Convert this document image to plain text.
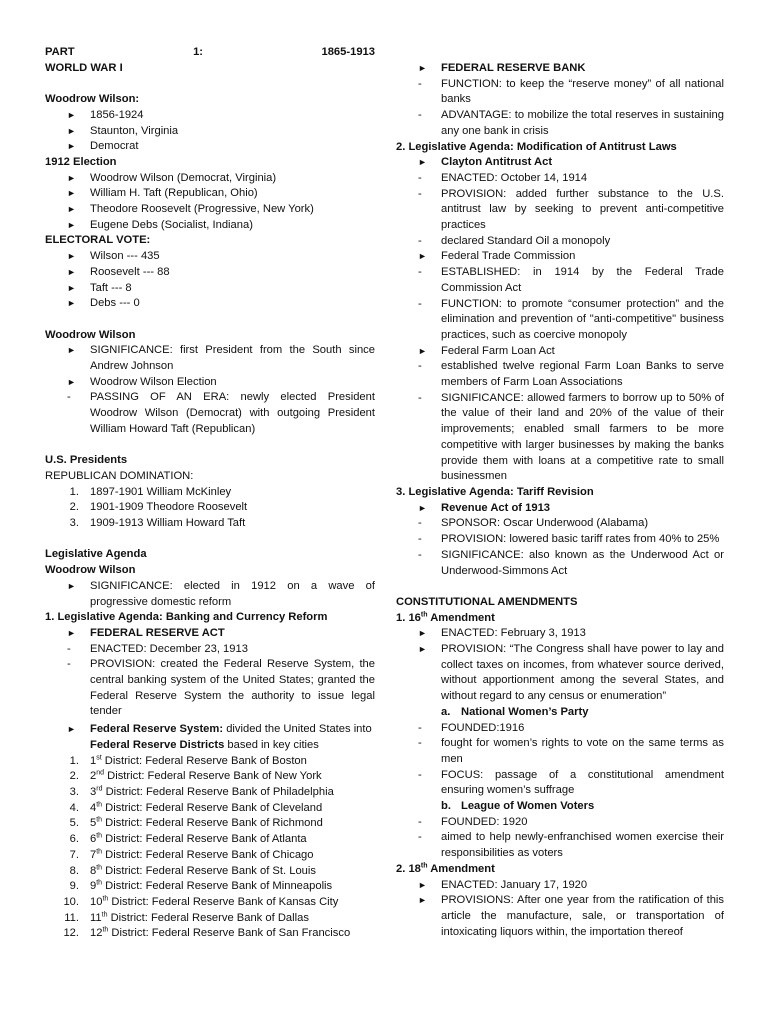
PART	1:	1865-1913
WORLD WAR I
Woodrow Wilson:
► 1856-1924
► Staunton, Virginia
► Democrat
1912 Election
► Woodrow Wilson (Democrat, Virginia)
► William H. Taft (Republican, Ohio)
► Theodore Roosevelt (Progressive, New York)
► Eugene Debs (Socialist, Indiana)
ELECTORAL VOTE:
► Wilson --- 435
► Roosevelt --- 88
► Taft --- 8
► Debs --- 0
Woodrow Wilson
► SIGNIFICANCE: first President from the South since Andrew Johnson
► Woodrow Wilson Election
- PASSING OF AN ERA: newly elected President Woodrow Wilson (Democrat) with outgoing President William Howard Taft (Republican)
U.S. Presidents
REPUBLICAN DOMINATION:
1. 1897-1901 William McKinley
2. 1901-1909 Theodore Roosevelt
3. 1909-1913 William Howard Taft
Legislative Agenda
Woodrow Wilson
► SIGNIFICANCE: elected in 1912 on a wave of progressive domestic reform
1. Legislative Agenda: Banking and Currency Reform
► FEDERAL RESERVE ACT
- ENACTED: December 23, 1913
- PROVISION: created the Federal Reserve System, the central banking system of the United States; granted the Federal Reserve System the authority to issue legal tender
► Federal Reserve System: divided the United States into Federal Reserve Districts based in key cities
1. 1st District: Federal Reserve Bank of Boston
2. 2nd District: Federal Reserve Bank of New York
3. 3rd District: Federal Reserve Bank of Philadelphia
4. 4th District: Federal Reserve Bank of Cleveland
5. 5th District: Federal Reserve Bank of Richmond
6. 6th District: Federal Reserve Bank of Atlanta
7. 7th District: Federal Reserve Bank of Chicago
8. 8th District: Federal Reserve Bank of St. Louis
9. 9th District: Federal Reserve Bank of Minneapolis
10. 10th District: Federal Reserve Bank of Kansas City
11. 11th District: Federal Reserve Bank of Dallas
12. 12th District: Federal Reserve Bank of San Francisco
► FEDERAL RESERVE BANK
- FUNCTION: to keep the “reserve money” of all national banks
- ADVANTAGE: to mobilize the total reserves in sustaining any one bank in crisis
2. Legislative Agenda: Modification of Antitrust Laws
► Clayton Antitrust Act
- ENACTED: October 14, 1914
- PROVISION: added further substance to the U.S. antitrust law by seeking to prevent anti-competitive practices
- declared Standard Oil a monopoly
► Federal Trade Commission
- ESTABLISHED: in 1914 by the Federal Trade Commission Act
- FUNCTION: to promote “consumer protection” and the elimination and prevention of "anti-competitive" business practices, such as coercive monopoly
► Federal Farm Loan Act
- established twelve regional Farm Loan Banks to serve members of Farm Loan Associations
- SIGNIFICANCE: allowed farmers to borrow up to 50% of the value of their land and 20% of the value of their improvements; enabled small farmers to be more competitive with larger businesses by making the banks provide them with loans at a competitive rate to small businessmen
3. Legislative Agenda: Tariff Revision
► Revenue Act of 1913
- SPONSOR: Oscar Underwood (Alabama)
- PROVISION: lowered basic tariff rates from 40% to 25%
- SIGNIFICANCE: also known as the Underwood Act or Underwood-Simmons Act
CONSTITUTIONAL AMENDMENTS
1. 16th Amendment
► ENACTED: February 3, 1913
► PROVISION: “The Congress shall have power to lay and collect taxes on incomes, from whatever source derived, without apportionment among the several States, and without regard to any census or enumeration”
a. National Women’s Party
- FOUNDED:1916
- fought for women’s rights to vote on the same terms as men
- FOCUS: passage of a constitutional amendment ensuring women’s suffrage
b. League of Women Voters
- FOUNDED: 1920
- aimed to help newly-enfranchised women exercise their responsibilities as voters
2. 18th Amendment
► ENACTED: January 17, 1920
► PROVISIONS: After one year from the ratification of this article the manufacture, sale, or transportation of intoxicating liquors within, the importation thereof
